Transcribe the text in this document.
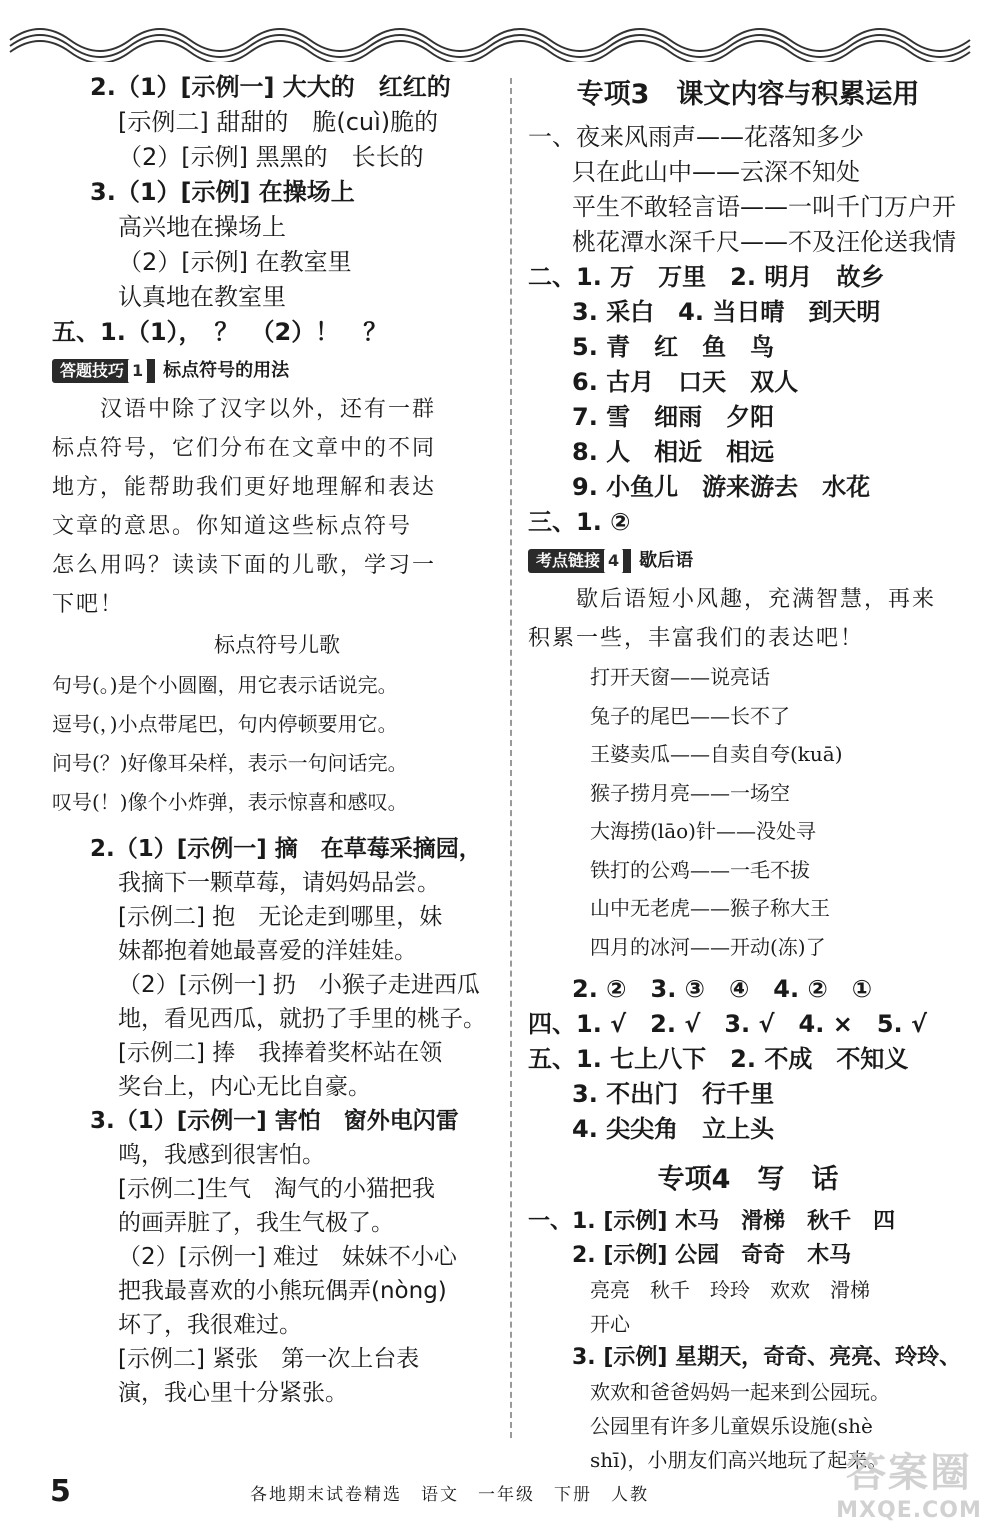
2.（1）[示例一] 大大的　红红的
[示例二] 甜甜的　脆(cuì)脆的
（2）[示例] 黑黑的　长长的
3.（1）[示例] 在操场上
高兴地在操场上
（2）[示例] 在教室里
认真地在教室里
五、1.（1），　？　（2）！　？
答题技巧 1 标点符号的用法
　　汉语中除了汉字以外，还有一群
标点符号，它们分布在文章中的不同
地方，能帮助我们更好地理解和表达
文章的意思。你知道这些标点符号
怎么用吗？读读下面的儿歌，学习一
下吧！
标点符号儿歌
句号(。)是个小圆圈，用它表示话说完。
逗号(，)小点带尾巴，句内停顿要用它。
问号(？)好像耳朵样，表示一句问话完。
叹号(！)像个小炸弹，表示惊喜和感叹。
2.（1）[示例一] 摘　在草莓采摘园，
我摘下一颗草莓，请妈妈品尝。
[示例二] 抱　无论走到哪里，妹
妹都抱着她最喜爱的洋娃娃。
（2）[示例一] 扔　小猴子走进西瓜
地，看见西瓜，就扔了手里的桃子。
[示例二] 捧　我捧着奖杯站在领
奖台上，内心无比自豪。
3.（1）[示例一] 害怕　窗外电闪雷
鸣，我感到很害怕。
[示例二]生气　淘气的小猫把我
的画弄脏了，我生气极了。
（2）[示例一] 难过　妹妹不小心
把我最喜欢的小熊玩偶弄(nòng)
坏了，我很难过。
[示例二] 紧张　第一次上台表
演，我心里十分紧张。
专项3　课文内容与积累运用
一、夜来风雨声——花落知多少
只在此山中——云深不知处
平生不敢轻言语——一叫千门万户开
桃花潭水深千尺——不及汪伦送我情
二、1. 万　万里　2. 明月　故乡
3. 采白　4. 当日晴　到天明
5. 青　红　鱼　鸟
6. 古月　口天　双人
7. 雪　细雨　夕阳
8. 人　相近　相远
9. 小鱼儿　游来游去　水花
三、1. ②
考点链接 4 歇后语
　　歇后语短小风趣，充满智慧，再来
积累一些，丰富我们的表达吧！
打开天窗——说亮话
兔子的尾巴——长不了
王婆卖瓜——自卖自夸(kuā)
猴子捞月亮——一场空
大海捞(lāo)针——没处寻
铁打的公鸡——一毛不拔
山中无老虎——猴子称大王
四月的冰河——开动(冻)了
2. ②　3. ③　④　4. ②　①
四、1. √　2. √　3. √　4. ×　5. √
五、1. 七上八下　2. 不成　不知义
3. 不出门　行千里
4. 尖尖角　立上头
专项4　写　话
一、1. [示例] 木马　滑梯　秋千　四
2. [示例] 公园　奇奇　木马
亮亮　秋千　玲玲　欢欢　滑梯
开心
3. [示例] 星期天，奇奇、亮亮、玲玲、
欢欢和爸爸妈妈一起来到公园玩。
公园里有许多儿童娱乐设施(shè
shī)，小朋友们高兴地玩了起来。
5	各地期末试卷精选　语文　一年级　下册　人教	答案圈
MXQE.COM
